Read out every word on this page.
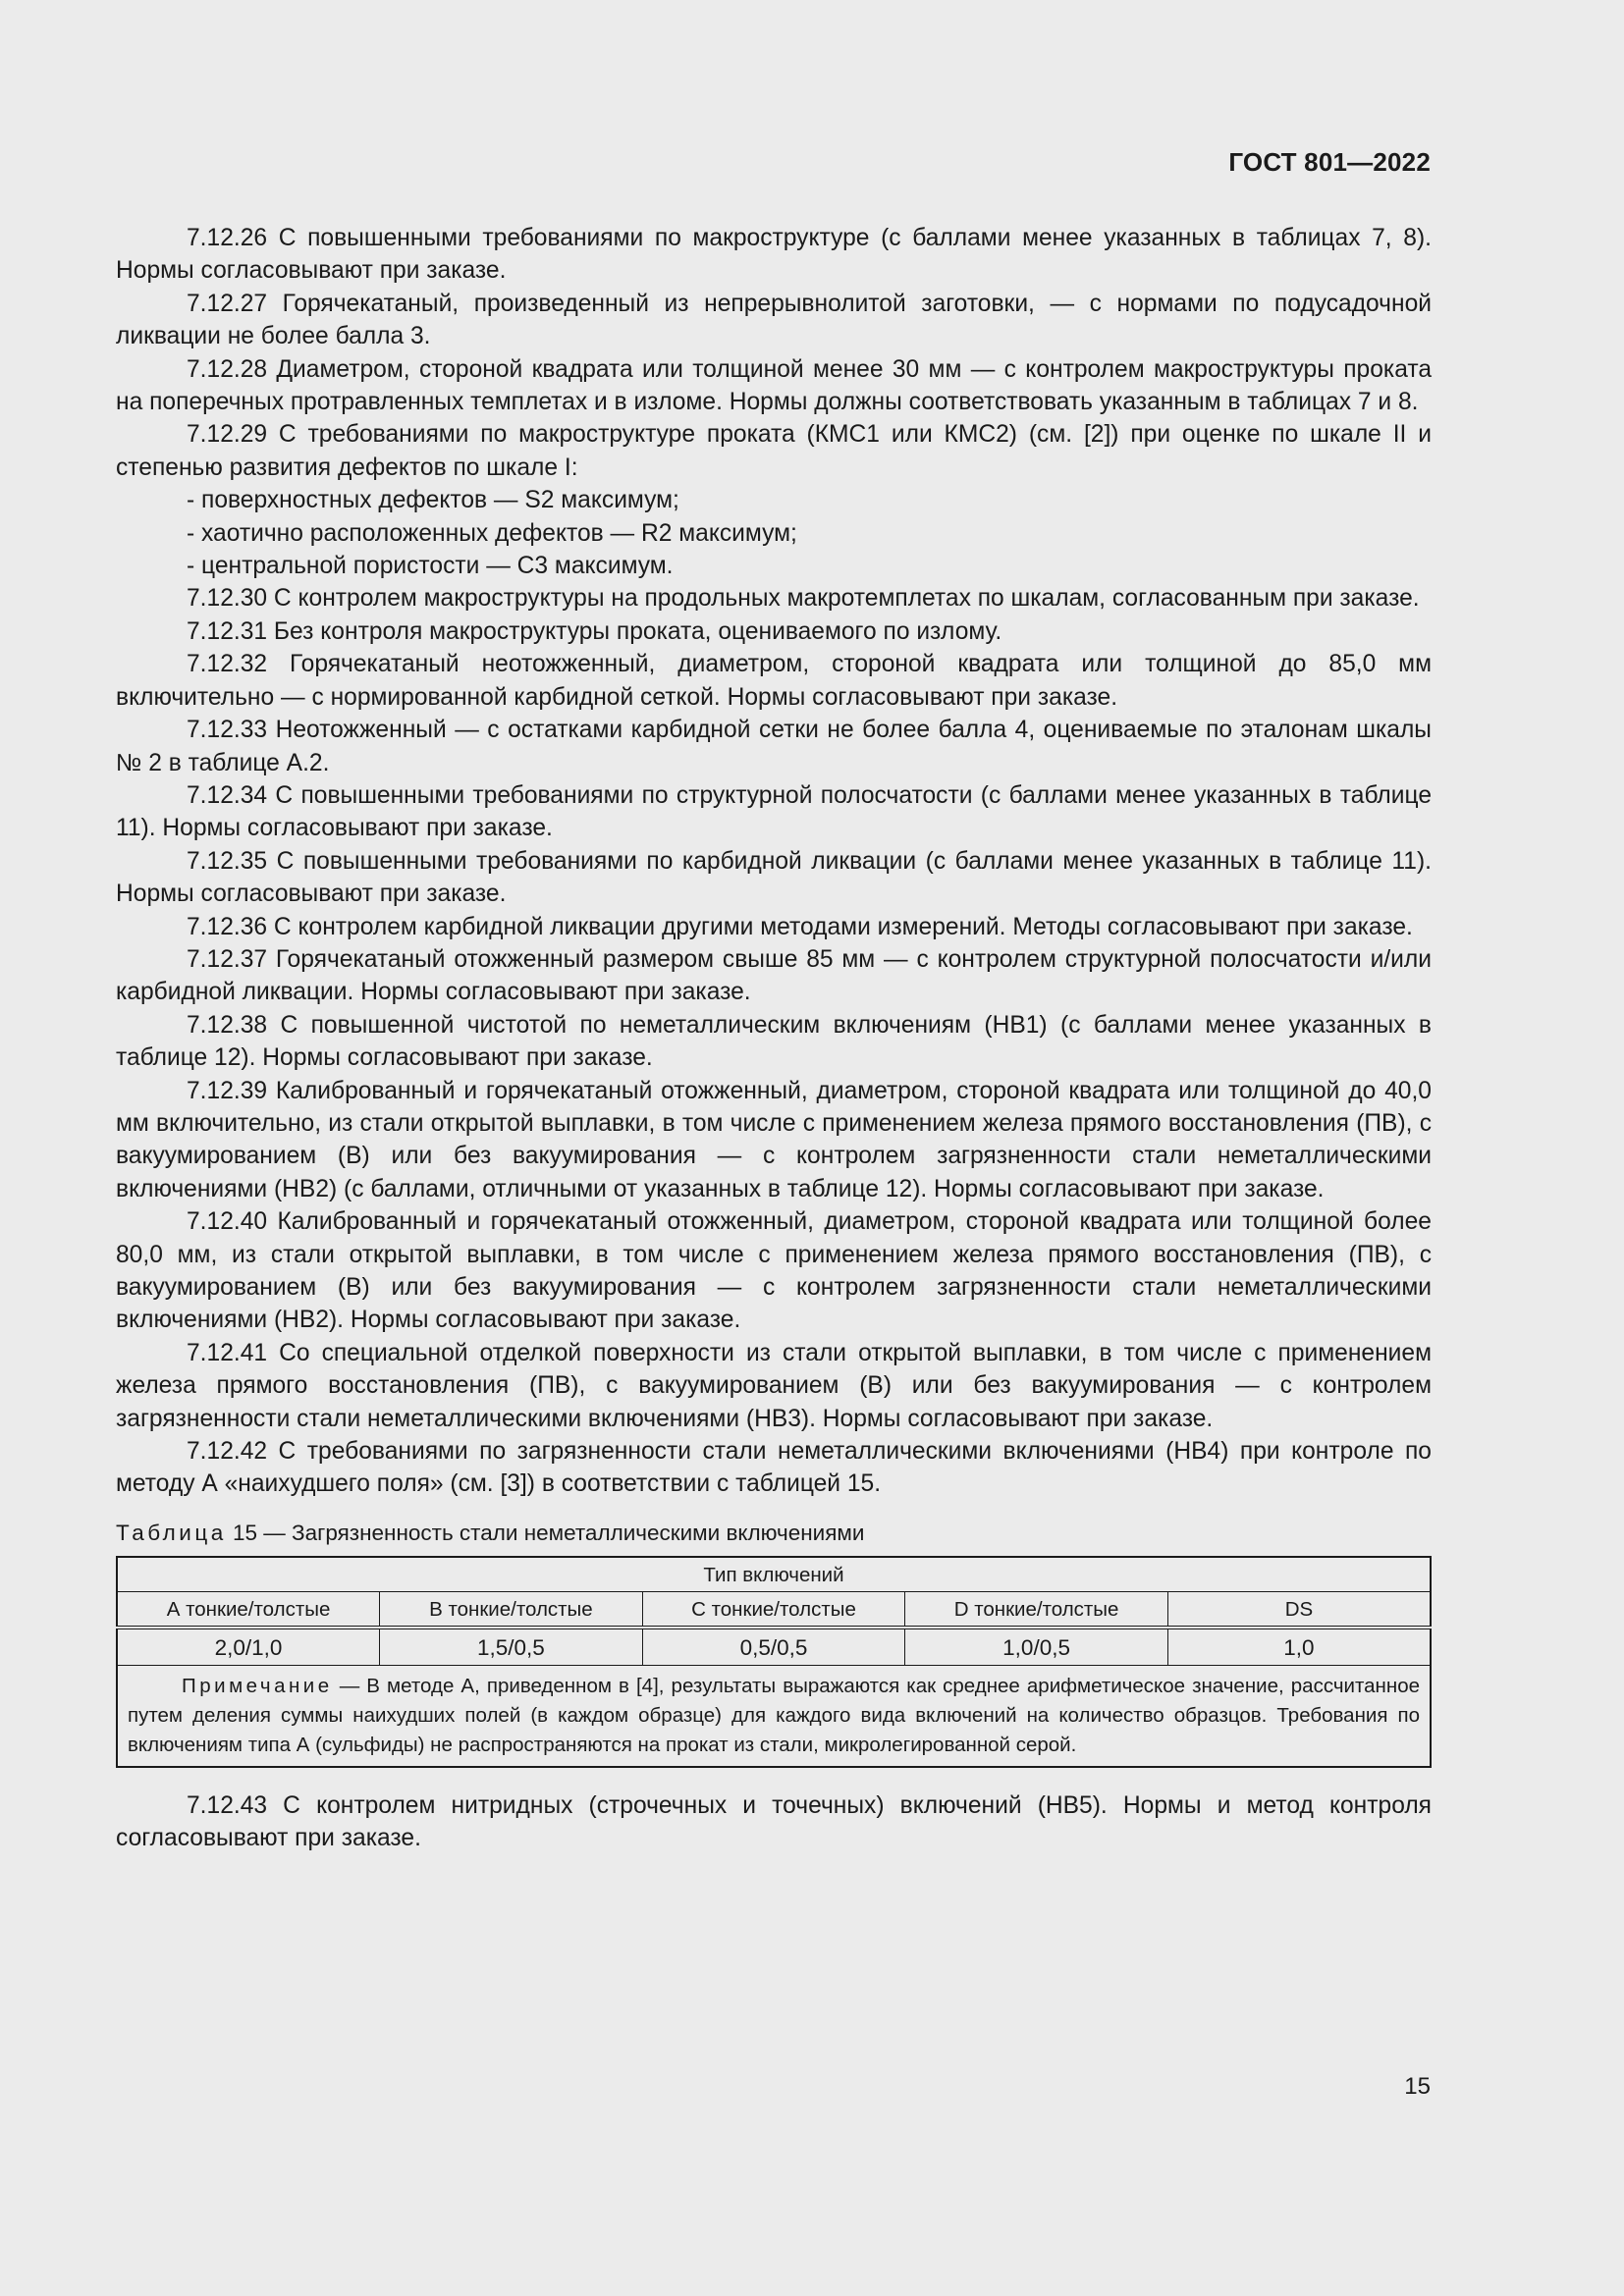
ГОСТ 801—2022

7.12.26 С повышенными требованиями по макроструктуре (с баллами менее указанных в таблицах 7, 8). Нормы согласовывают при заказе.

7.12.27 Горячекатаный, произведенный из непрерывнолитой заготовки, — с нормами по подусадочной ликвации не более балла 3.

7.12.28 Диаметром, стороной квадрата или толщиной менее 30 мм — с контролем макроструктуры проката на поперечных протравленных темплетах и в изломе. Нормы должны соответствовать указанным в таблицах 7 и 8.

7.12.29 С требованиями по макроструктуре проката (КМС1 или КМС2) (см. [2]) при оценке по шкале II и степенью развития дефектов по шкале I:

- поверхностных дефектов — S2 максимум;

- хаотично расположенных дефектов — R2 максимум;

- центральной пористости — C3 максимум.

7.12.30 С контролем макроструктуры на продольных макротемплетах по шкалам, согласованным при заказе.

7.12.31 Без контроля макроструктуры проката, оцениваемого по излому.

7.12.32 Горячекатаный неотожженный, диаметром, стороной квадрата или толщиной до 85,0 мм включительно — с нормированной карбидной сеткой. Нормы согласовывают при заказе.

7.12.33 Неотожженный — с остатками карбидной сетки не более балла 4, оцениваемые по эталонам шкалы № 2 в таблице А.2.

7.12.34 С повышенными требованиями по структурной полосчатости (с баллами менее указанных в таблице 11). Нормы согласовывают при заказе.

7.12.35 С повышенными требованиями по карбидной ликвации (с баллами менее указанных в таблице 11). Нормы согласовывают при заказе.

7.12.36 С контролем карбидной ликвации другими методами измерений. Методы согласовывают при заказе.

7.12.37 Горячекатаный отожженный размером свыше 85 мм — с контролем структурной полосчатости и/или карбидной ликвации. Нормы согласовывают при заказе.

7.12.38 С повышенной чистотой по неметаллическим включениям (НВ1) (с баллами менее указанных в таблице 12). Нормы согласовывают при заказе.

7.12.39 Калиброванный и горячекатаный отожженный, диаметром, стороной квадрата или толщиной до 40,0 мм включительно, из стали открытой выплавки, в том числе с применением железа прямого восстановления (ПВ), с вакуумированием (В) или без вакуумирования — с контролем загрязненности стали неметаллическими включениями (НВ2) (с баллами, отличными от указанных в таблице 12). Нормы согласовывают при заказе.

7.12.40 Калиброванный и горячекатаный отожженный, диаметром, стороной квадрата или толщиной более 80,0 мм, из стали открытой выплавки, в том числе с применением железа прямого восстановления (ПВ), с вакуумированием (В) или без вакуумирования — с контролем загрязненности стали неметаллическими включениями (НВ2). Нормы согласовывают при заказе.

7.12.41 Со специальной отделкой поверхности из стали открытой выплавки, в том числе с применением железа прямого восстановления (ПВ), с вакуумированием (В) или без вакуумирования — с контролем загрязненности стали неметаллическими включениями (НВ3). Нормы согласовывают при заказе.

7.12.42 С требованиями по загрязненности стали неметаллическими включениями (НВ4) при контроле по методу А «наихудшего поля» (см. [3]) в соответствии с таблицей 15.

Таблица 15 — Загрязненность стали неметаллическими включениями
Тип включений				
А тонкие/толстые	В тонкие/толстые	С тонкие/толстые	D тонкие/толстые	DS
2,0/1,0	1,5/0,5	0,5/0,5	1,0/0,5	1,0
Примечание — В методе А, приведенном в [4], результаты выражаются как среднее арифметическое значение, рассчитанное путем деления суммы наихудших полей (в каждом образце) для каждого вида включений на количество образцов. Требования по включениям типа А (сульфиды) не распространяются на прокат из стали, микролегированной серой.				

7.12.43 С контролем нитридных (строчечных и точечных) включений (НВ5). Нормы и метод контроля согласовывают при заказе.

15
